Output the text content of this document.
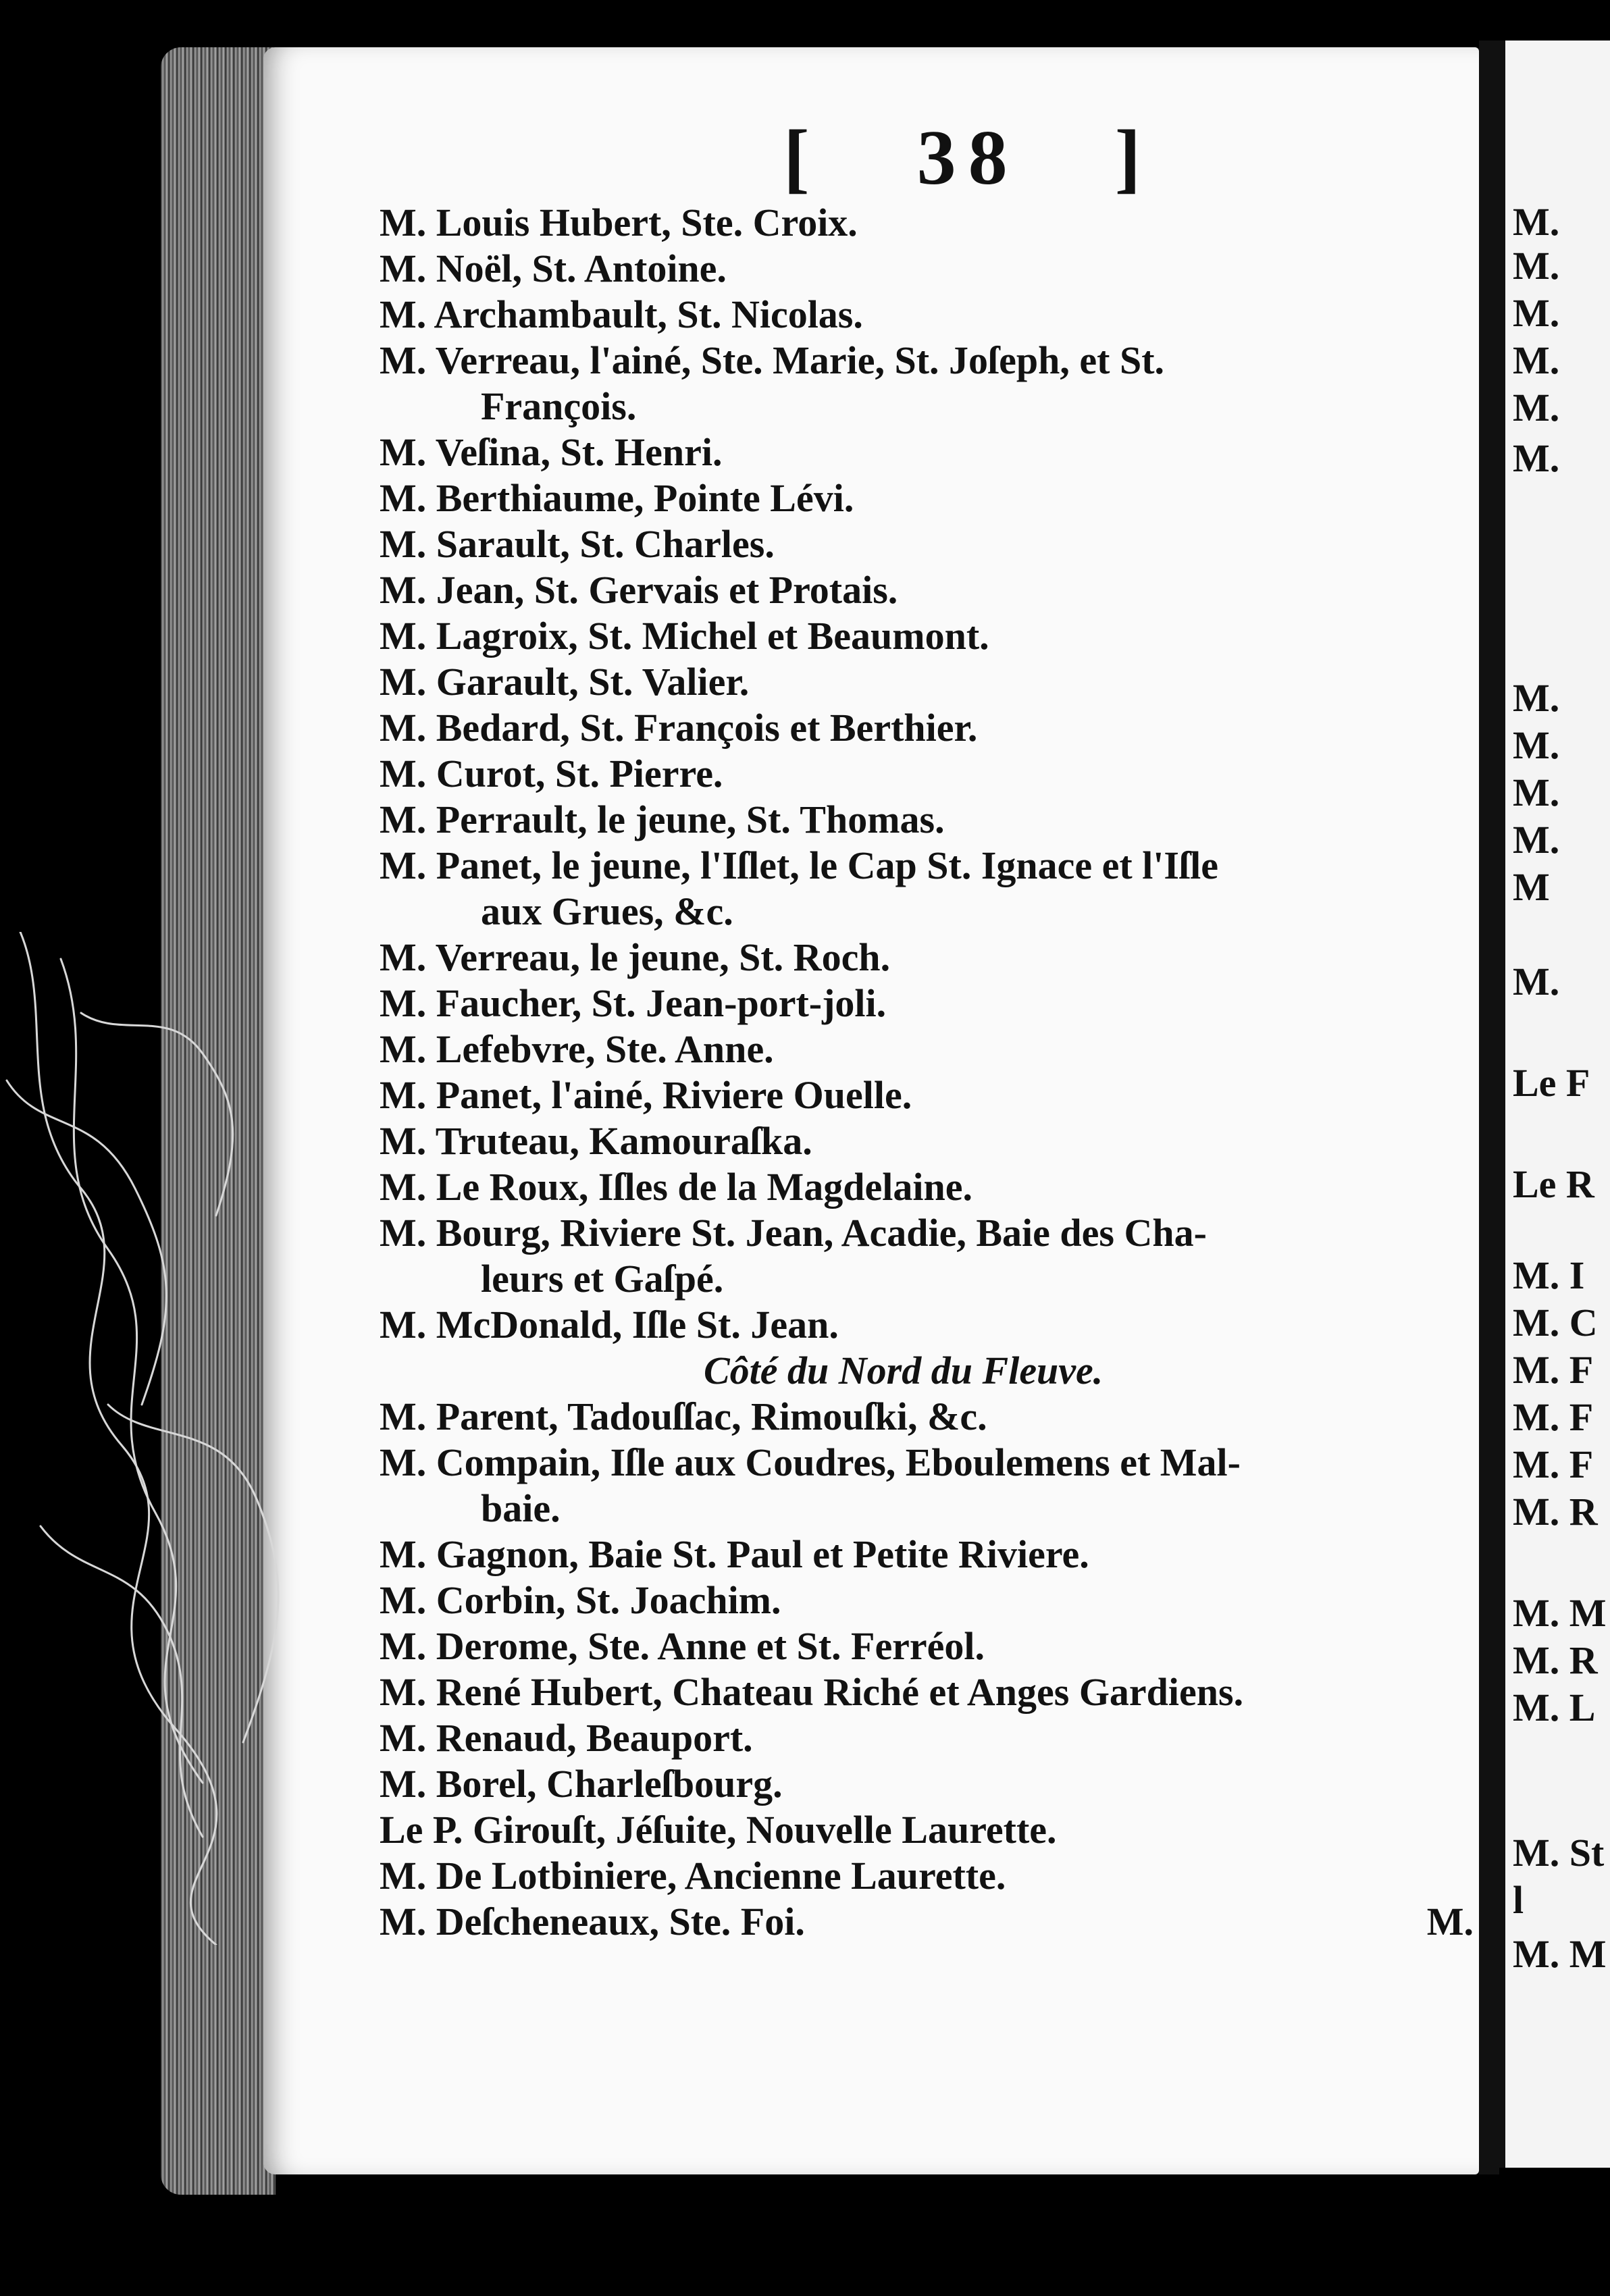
[ 38 ]
M. Louis Hubert, Ste. Croix.
M. Noël, St. Antoine.
M. Archambault, St. Nicolas.
M. Verreau, l'ainé, Ste. Marie, St. Joſeph, et St.
François.
M. Veſina, St. Henri.
M. Berthiaume, Pointe Lévi.
M. Sarault, St. Charles.
M. Jean, St. Gervais et Protais.
M. Lagroix, St. Michel et Beaumont.
M. Garault, St. Valier.
M. Bedard, St. François et Berthier.
M. Curot, St. Pierre.
M. Perrault, le jeune, St. Thomas.
M. Panet, le jeune, l'Iſlet, le Cap St. Ignace et l'Iſle
aux Grues, &c.
M. Verreau, le jeune, St. Roch.
M. Faucher, St. Jean-port-joli.
M. Lefebvre, Ste. Anne.
M. Panet, l'ainé, Riviere Ouelle.
M. Truteau, Kamouraſka.
M. Le Roux, Iſles de la Magdelaine.
M. Bourg, Riviere St. Jean, Acadie, Baie des Cha-
leurs et Gaſpé.
M. McDonald, Iſle St. Jean.
Côté du Nord du Fleuve.
M. Parent, Tadouſſac, Rimouſki, &c.
M. Compain, Iſle aux Coudres, Eboulemens et Mal-
baie.
M. Gagnon, Baie St. Paul et Petite Riviere.
M. Corbin, St. Joachim.
M. Derome, Ste. Anne et St. Ferréol.
M. René Hubert, Chateau Riché et Anges Gardiens.
M. Renaud, Beauport.
M. Borel, Charleſbourg.
Le P. Girouſt, Jéſuite, Nouvelle Laurette.
M. De Lotbiniere, Ancienne Laurette.
M. Deſcheneaux, Ste. Foi.	M.
M.
M.
M.
M.
M.
M.
M.
M.
M.
M.
M
M.
Le F
Le R
M. I
M. C
M. F
M. F
M. F
M. R
M. M
M. R
M. L
M. St
l
M. M
